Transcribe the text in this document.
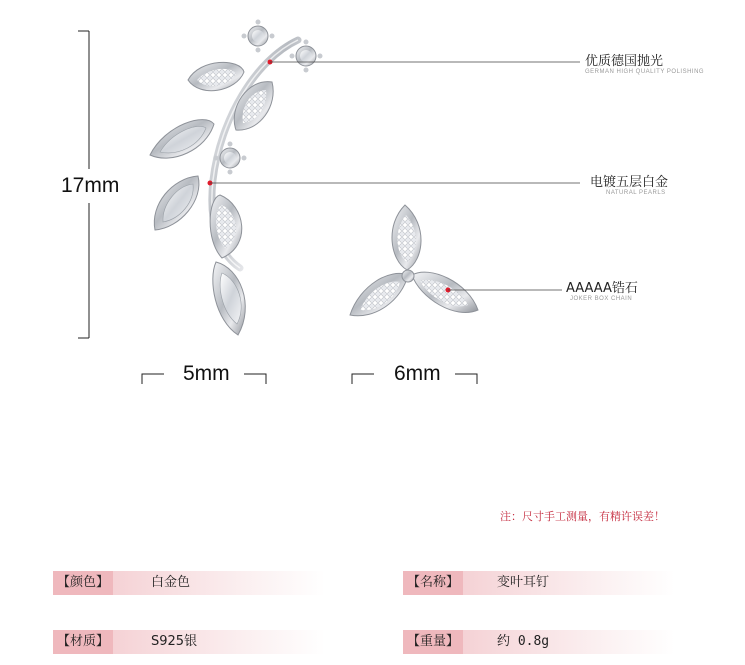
17mm
5mm	6mm
优质德国抛光
GERMAN HIGH QUALITY POLISHING
电镀五层白金
NATURAL PEARLS
AAAAA锆石
JOKER BOX CHAIN
注：尺寸手工测量，有精许误差！
【颜色】	白金色	【名称】	变叶耳钉
【材质】	S925银	【重量】	约 0.8g
